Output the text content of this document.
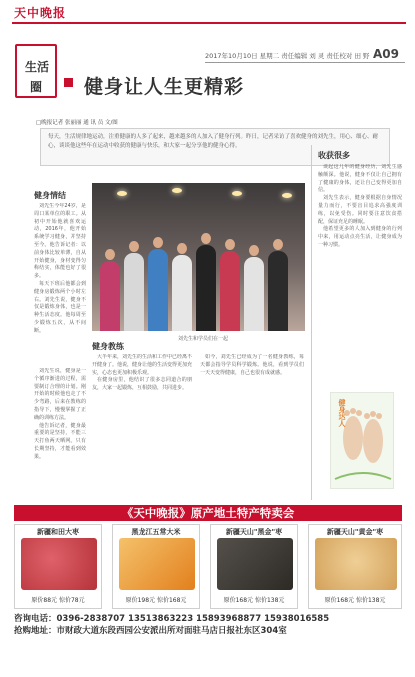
天中晚报
生活
圈
2017年10月10日 星期二 责任编辑 刘 灵 责任校对 田 野 A09
健身让人生更精彩
□晚报记者 张丽丽 通 讯 员 文/图
每天，生活规律地运动，注重健康的人多了起来，越来越多的人加入了健身行列。昨日，记者采访了喜欢健身的刘先生，用心、细心、耐心，谈谈他这些年在运动中收获的健康与快乐，和大家一起分享他的健身心得。
健身情结

刘先生今年24岁，是周口某单位的职工。从初中开始他就喜欢运动，2016年，他开始系统学习健身，并坚持至今。他告诉记者：以前身体比较单薄，自从开始健身，身材变得匀称结实，体能也好了很多。

每天下班后他都会到健身房锻炼两个小时左右。刘先生说，健身不仅是锻炼身体，也是一种生活态度。他每周至少锻炼五次，从不间断。

刘先生说，健身是一个循序渐进的过程，需要制订合理的计划。刚开始的时候他也走了不少弯路，后来在教练的指导下，慢慢掌握了正确的训练方法。

他告诉记者，健身最重要的是坚持，不能三天打鱼两天晒网。只有长期坚持，才能看到效果。

刘先生和学员们在一起
健身教练

大半年来，刘先生的生活和工作中已经离不开健身了。他说，健身让他的生活变得更加充实，心态也更加积极乐观。

在健身房里，他结识了很多志同道合的朋友，大家一起锻炼，互相鼓励，共同进步。

如今，刘先生已经成为了一名健身教练，每天都会指导学员科学锻炼。他说，看到学员们一天天变得健康，自己也很有成就感。

收获很多

谈起这几年的健身经历，刘先生感触颇深。他说，健身不仅让自己拥有了健康的身体，还让自己变得更加自信。

刘先生表示，健身要根据自身情况量力而行，不要盲目追求高强度训练，以免受伤。同时要注意饮食搭配，保证充足的睡眠。

他希望更多的人加入到健身的行列中来，用运动点亮生活，让健身成为一种习惯。

健身达人
《天中晚报》原产地土特产特卖会
新疆和田大枣
原价88元 惊价78元
黑龙江五常大米
原价198元 惊价168元
新疆天山"黑金"枣
原价168元 惊价138元
新疆天山"黄金"枣
原价168元 惊价138元
咨询电话：0396-2838707 13513863223 15893968877 15938016585
抢购地址：市财政大道东段西园公安派出所对面驻马店日报社东区304室
